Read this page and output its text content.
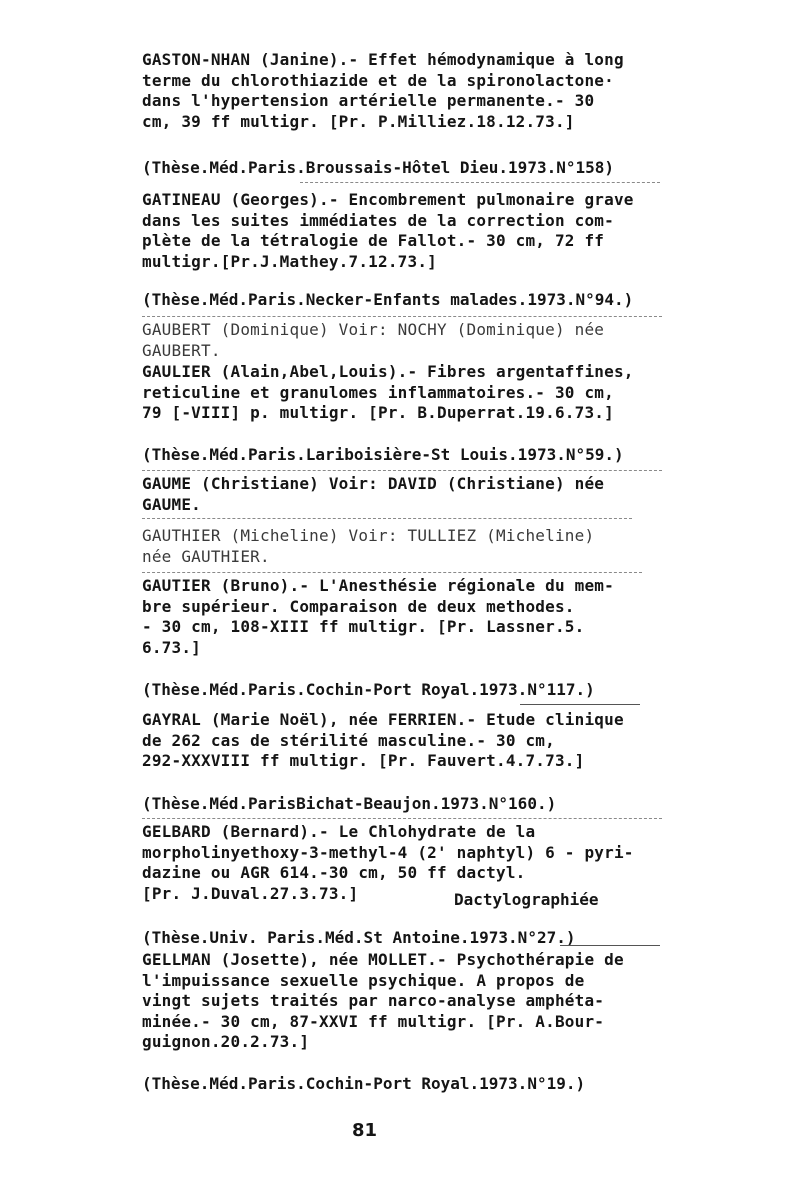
GASTON-NHAN (Janine).- Effet hémodynamique à long
terme du chlorothiazide et de la spironolactone·
dans l'hypertension artérielle permanente.- 30
cm, 39 ff multigr. [Pr. P.Milliez.18.12.73.]
(Thèse.Méd.Paris.Broussais-Hôtel Dieu.1973.N°158)
GATINEAU (Georges).- Encombrement pulmonaire grave
dans les suites immédiates de la correction com-
plète de la tétralogie de Fallot.- 30 cm, 72 ff
multigr.[Pr.J.Mathey.7.12.73.]
(Thèse.Méd.Paris.Necker-Enfants malades.1973.N°94.)
GAUBERT (Dominique) Voir: NOCHY (Dominique) née
GAUBERT.
GAULIER (Alain,Abel,Louis).- Fibres argentaffines,
reticuline et granulomes inflammatoires.- 30 cm,
79 [-VIII] p. multigr. [Pr. B.Duperrat.19.6.73.]
(Thèse.Méd.Paris.Lariboisière-St Louis.1973.N°59.)
GAUME (Christiane) Voir: DAVID (Christiane) née
GAUME.
GAUTHIER (Micheline) Voir: TULLIEZ (Micheline)
née GAUTHIER.
GAUTIER (Bruno).- L'Anesthésie régionale du mem-
bre supérieur. Comparaison de deux methodes.
- 30 cm, 108-XIII ff multigr. [Pr. Lassner.5.
6.73.]
(Thèse.Méd.Paris.Cochin-Port Royal.1973.N°117.)
GAYRAL (Marie Noël), née FERRIEN.- Etude clinique
de 262 cas de stérilité masculine.- 30 cm,
292-XXXVIII ff multigr. [Pr. Fauvert.4.7.73.]
(Thèse.Méd.ParisBichat-Beaujon.1973.N°160.)
GELBARD (Bernard).- Le Chlohydrate de la
morpholinyethoxy-3-methyl-4 (2' naphtyl) 6 - pyri-
dazine ou AGR 614.-30 cm, 50 ff dactyl.
[Pr. J.Duval.27.3.73.]	Dactylographiée
(Thèse.Univ. Paris.Méd.St Antoine.1973.N°27.)
GELLMAN (Josette), née MOLLET.- Psychothérapie de
l'impuissance sexuelle psychique. A propos de
vingt sujets traités par narco-analyse amphéta-
minée.- 30 cm, 87-XXVI ff multigr. [Pr. A.Bour-
guignon.20.2.73.]
(Thèse.Méd.Paris.Cochin-Port Royal.1973.N°19.)
81
